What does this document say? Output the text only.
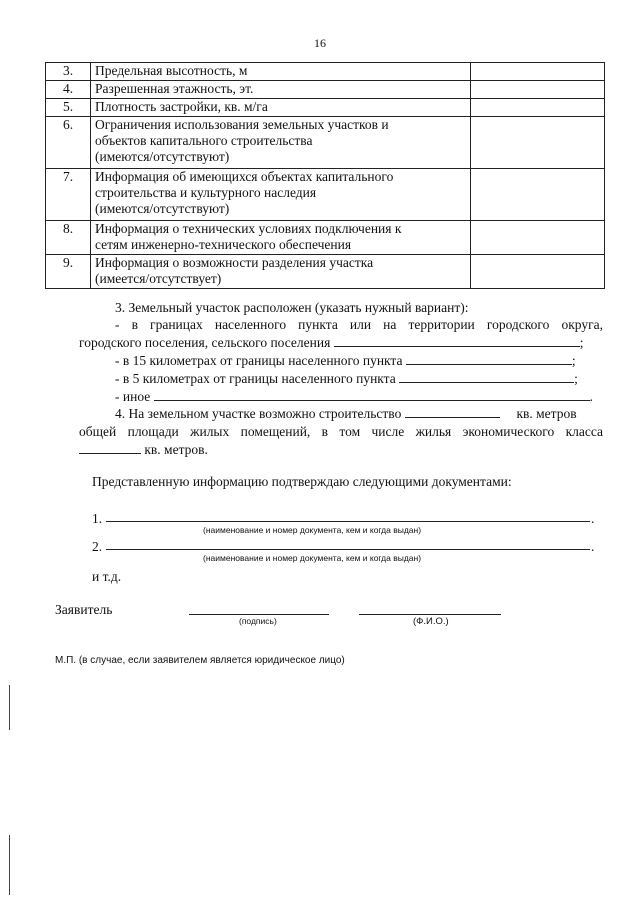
16
3.	Предельная высотность, м	
4.	Разрешенная этажность, эт.	
5.	Плотность застройки, кв. м/га	
6.	Ограничения использования земельных участков и
объектов капитального строительства
(имеются/отсутствуют)	

7.	Информация об имеющихся объектах капитального
строительства и культурного наследия
(имеются/отсутствуют)	

8.	Информация о технических условиях подключения к
сетям инженерно-технического обеспечения	

9.	Информация о возможности разделения участка
(имеется/отсутствует)	

3. Земельный участок расположен (указать нужный вариант):
- в границах населенного пункта или на территории городского округа,
городского поселения, сельского поселения	;
- в 15 километрах от границы населенного пункта	;
- в 5 километрах от границы населенного пункта	;
- иное	.
4. На земельном участке возможно строительство	кв. метров
общей площади жилых помещений, в том числе жилья экономического класса
кв. метров.
Представленную информацию подтверждаю следующими документами:
1.	.
(наименование и номер документа, кем и когда выдан)
2.	.
(наименование и номер документа, кем и когда выдан)
и т.д.
Заявитель
(подпись)	(Ф.И.О.)
М.П. (в случае, если заявителем является юридическое лицо)
